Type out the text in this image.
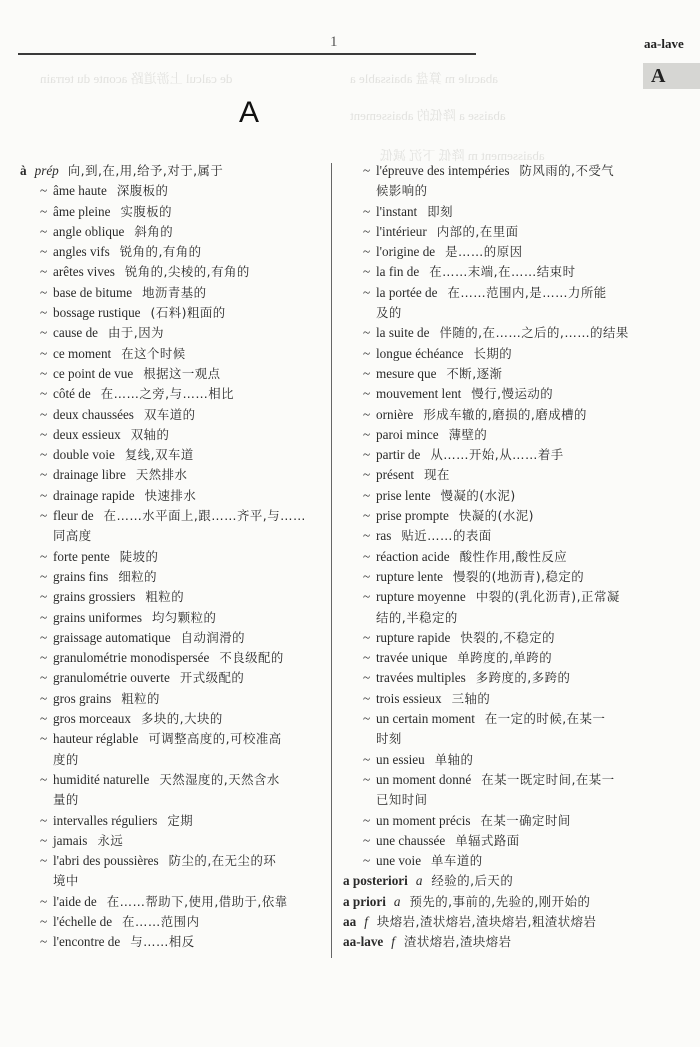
de calcul 上游道路 aconte du terrain	abacule m 算盘 abaissable a
abaisse a 降低的 abaissement
abaissement m 降低 下沉 减低
1	aa-lave
A
A
à prép 向,到,在,用,给予,对于,属于
~ âme haute 深腹板的
~ âme pleine 实腹板的
~ angle oblique 斜角的
~ angles vifs 锐角的,有角的
~ arêtes vives 锐角的,尖棱的,有角的
~ base de bitume 地沥青基的
~ bossage rustique (石料)粗面的
~ cause de 由于,因为
~ ce moment 在这个时候
~ ce point de vue 根据这一观点
~ côté de 在……之旁,与……相比
~ deux chaussées 双车道的
~ deux essieux 双轴的
~ double voie 复线,双车道
~ drainage libre 天然排水
~ drainage rapide 快速排水
~ fleur de 在……水平面上,跟……齐平,与……
同高度
~ forte pente 陡坡的
~ grains fins 细粒的
~ grains grossiers 粗粒的
~ grains uniformes 均匀颗粒的
~ graissage automatique 自动润滑的
~ granulométrie monodispersée 不良级配的
~ granulométrie ouverte 开式级配的
~ gros grains 粗粒的
~ gros morceaux 多块的,大块的
~ hauteur réglable 可调整高度的,可校准高
度的
~ humidité naturelle 天然湿度的,天然含水
量的
~ intervalles réguliers 定期
~ jamais 永远
~ l'abri des poussières 防尘的,在无尘的环
境中
~ l'aide de 在……帮助下,使用,借助于,依靠
~ l'échelle de 在……范围内
~ l'encontre de 与……相反
~ l'épreuve des intempéries 防风雨的,不受气
候影响的
~ l'instant 即刻
~ l'intérieur 内部的,在里面
~ l'origine de 是……的原因
~ la fin de 在……末端,在……结束时
~ la portée de 在……范围内,是……力所能
及的
~ la suite de 伴随的,在……之后的,……的结果
~ longue échéance 长期的
~ mesure que 不断,逐渐
~ mouvement lent 慢行,慢运动的
~ ornière 形成车辙的,磨损的,磨成槽的
~ paroi mince 薄壁的
~ partir de 从……开始,从……着手
~ présent 现在
~ prise lente 慢凝的(水泥)
~ prise prompte 快凝的(水泥)
~ ras 贴近……的表面
~ réaction acide 酸性作用,酸性反应
~ rupture lente 慢裂的(地沥青),稳定的
~ rupture moyenne 中裂的(乳化沥青),正常凝
结的,半稳定的
~ rupture rapide 快裂的,不稳定的
~ travée unique 单跨度的,单跨的
~ travées multiples 多跨度的,多跨的
~ trois essieux 三轴的
~ un certain moment 在一定的时候,在某一
时刻
~ un essieu 单轴的
~ un moment donné 在某一既定时间,在某一
已知时间
~ un moment précis 在某一确定时间
~ une chaussée 单辐式路面
~ une voie 单车道的
a posteriori a 经验的,后天的
a priori a 预先的,事前的,先验的,刚开始的
aa f 块熔岩,渣状熔岩,渣块熔岩,粗渣状熔岩
aa-lave f 渣状熔岩,渣块熔岩
